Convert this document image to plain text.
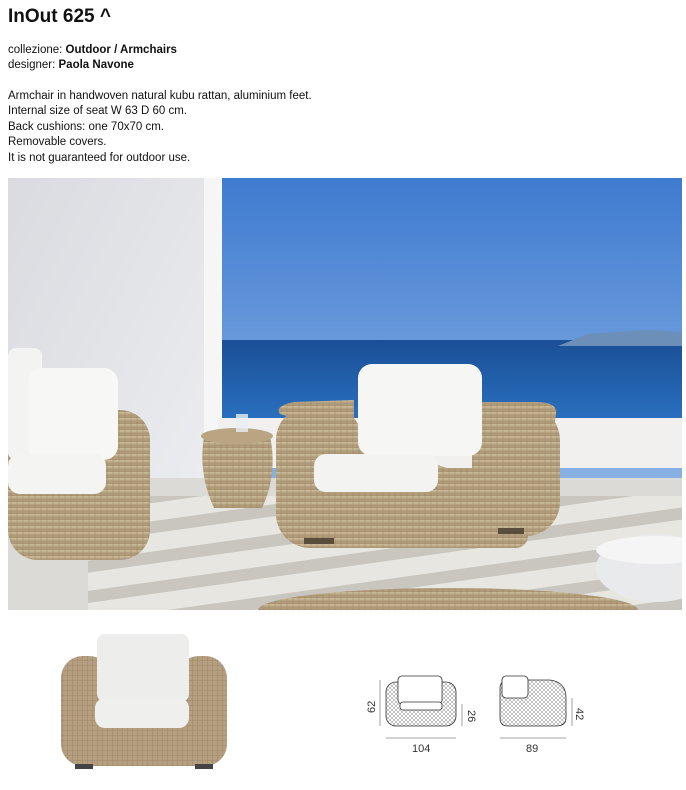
InOut 625 ^
collezione: Outdoor / Armchairs
designer: Paola Navone
Armchair in handwoven natural kubu rattan, aluminium feet.
Internal size of seat W 63 D 60 cm.
Back cushions: one 70x70 cm.
Removable covers.
It is not guaranteed for outdoor use.
62
26
104
42
89
